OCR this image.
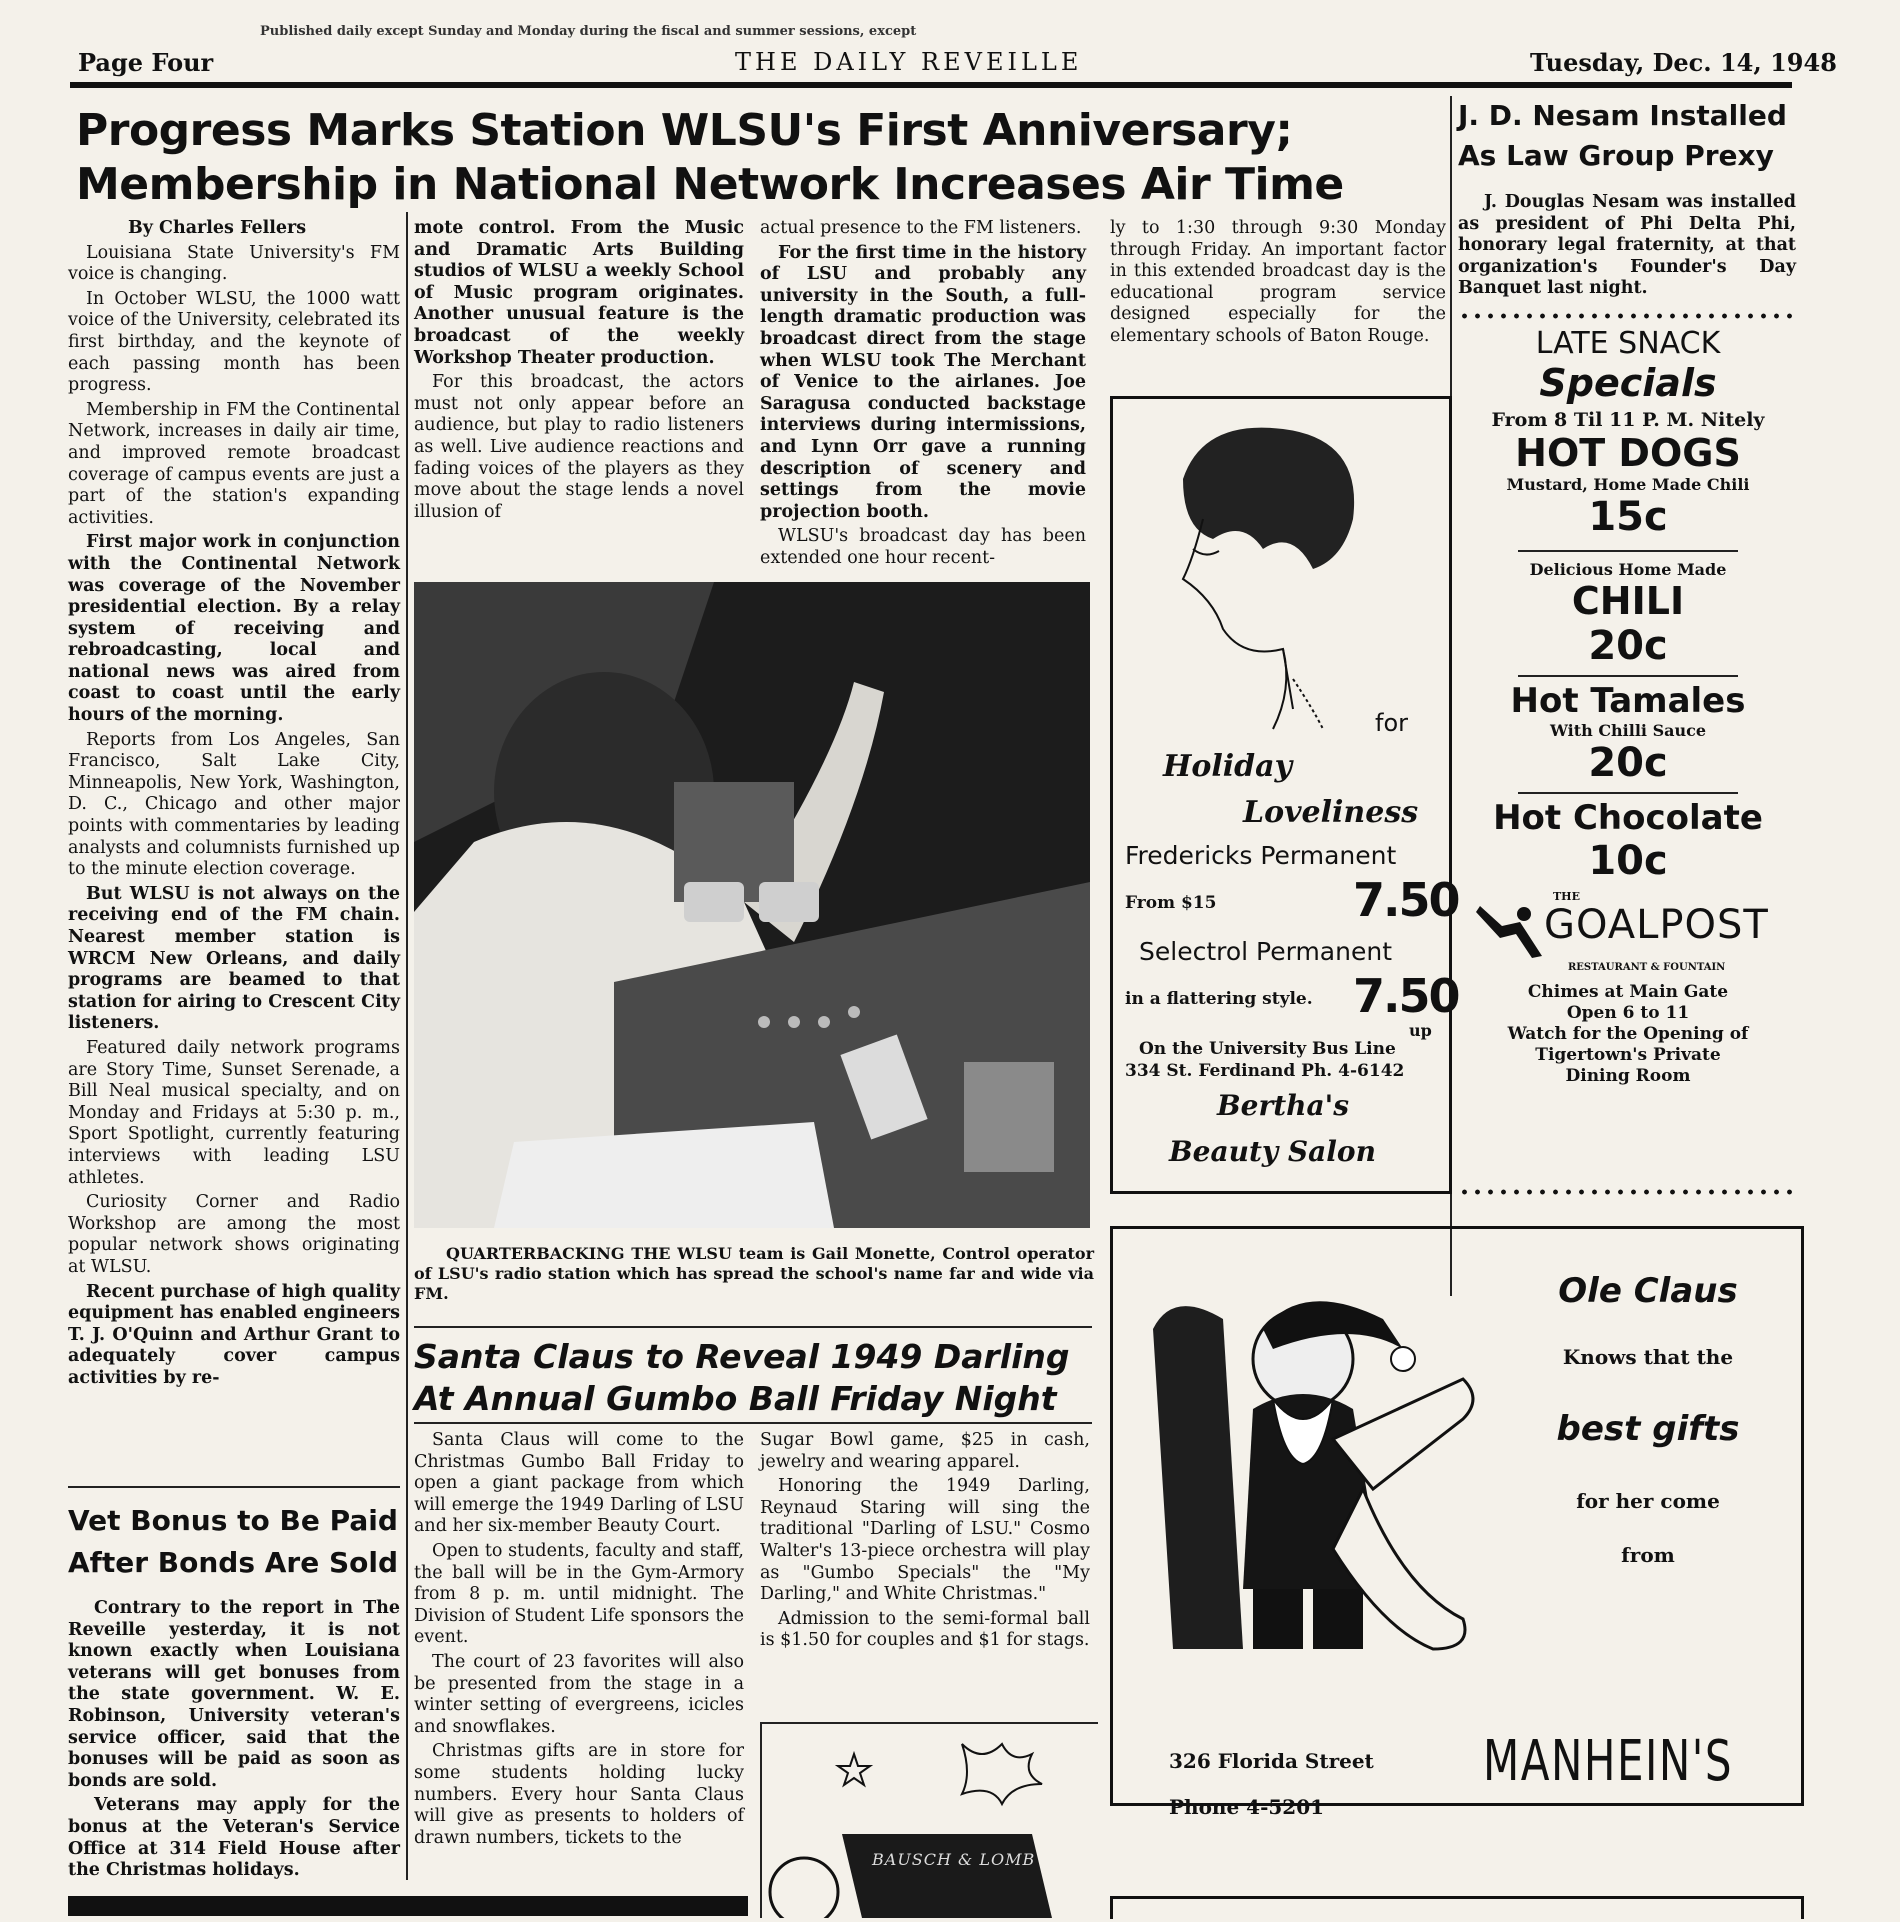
Published daily except Sunday and Monday during the fiscal and summer sessions, except
Page Four	THE DAILY REVEILLE	Tuesday, Dec. 14, 1948
Progress Marks Station WLSU's First Anniversary;
Membership in National Network Increases Air Time

By Charles Fellers

Louisiana State University's FM voice is changing.

In October WLSU, the 1000 watt voice of the University, celebrated its first birthday, and the keynote of each passing month has been progress.

Membership in FM the Continental Network, increases in daily air time, and improved remote broadcast coverage of campus events are just a part of the station's expanding activities.

First major work in conjunction with the Continental Network was coverage of the November presidential election. By a relay system of receiving and rebroadcasting, local and national news was aired from coast to coast until the early hours of the morning.

Reports from Los Angeles, San Francisco, Salt Lake City, Minneapolis, New York, Washington, D. C., Chicago and other major points with commentaries by leading analysts and columnists furnished up to the minute election coverage.

But WLSU is not always on the receiving end of the FM chain. Nearest member station is WRCM New Orleans, and daily programs are beamed to that station for airing to Crescent City listeners.

Featured daily network programs are Story Time, Sunset Serenade, a Bill Neal musical specialty, and on Monday and Fridays at 5:30 p. m., Sport Spotlight, currently featuring interviews with leading LSU athletes.

Curiosity Corner and Radio Workshop are among the most popular network shows originating at WLSU.

Recent purchase of high quality equipment has enabled engineers T. J. O'Quinn and Arthur Grant to adequately cover campus activities by re-

mote control. From the Music and Dramatic Arts Building studios of WLSU a weekly School of Music program originates. Another unusual feature is the broadcast of the weekly Workshop Theater production.

For this broadcast, the actors must not only appear before an audience, but play to radio listeners as well. Live audience reactions and fading voices of the players as they move about the stage lends a novel illusion of

actual presence to the FM listeners.

For the first time in the history of LSU and probably any university in the South, a full-length dramatic production was broadcast direct from the stage when WLSU took The Merchant of Venice to the airlanes. Joe Saragusa conducted backstage interviews during intermissions, and Lynn Orr gave a running description of scenery and settings from the movie projection booth.

WLSU's broadcast day has been extended one hour recent-

ly to 1:30 through 9:30 Monday through Friday. An important factor in this extended broadcast day is the educational program service designed especially for the elementary schools of Baton Rouge.

QUARTERBACKING THE WLSU team is Gail Monette, Control operator of LSU's radio station which has spread the school's name far and wide via FM.
Vet Bonus to Be Paid
After Bonds Are Sold

Contrary to the report in The Reveille yesterday, it is not known exactly when Louisiana veterans will get bonuses from the state government. W. E. Robinson, University veteran's service officer, said that the bonuses will be paid as soon as bonds are sold.

Veterans may apply for the bonus at the Veteran's Service Office at 314 Field House after the Christmas holidays.

Santa Claus to Reveal 1949 Darling
At Annual Gumbo Ball Friday Night

Santa Claus will come to the Christmas Gumbo Ball Friday to open a giant package from which will emerge the 1949 Darling of LSU and her six-member Beauty Court.

Open to students, faculty and staff, the ball will be in the Gym-Armory from 8 p. m. until midnight. The Division of Student Life sponsors the event.

The court of 23 favorites will also be presented from the stage in a winter setting of evergreens, icicles and snowflakes.

Christmas gifts are in store for some students holding lucky numbers. Every hour Santa Claus will give as presents to holders of drawn numbers, tickets to the

Sugar Bowl game, $25 in cash, jewelry and wearing apparel.

Honoring the 1949 Darling, Reynaud Staring will sing the traditional "Darling of LSU." Cosmo Walter's 13-piece orchestra will play as "Gumbo Specials" the "My Darling," and White Christmas."

Admission to the semi-formal ball is $1.50 for couples and $1 for stags.

BAUSCH & LOMB
J. D. Nesam Installed
As Law Group Prexy

J. Douglas Nesam was installed as president of Phi Delta Phi, honorary legal fraternity, at that organization's Founder's Day Banquet last night.

LATE SNACK
Specials
From 8 Til 11 P. M. Nitely
HOT DOGS
Mustard, Home Made Chili
15c
Delicious Home Made
CHILI
20c
Hot Tamales
With Chilli Sauce
20c
Hot Chocolate
10c
THE
GOALPOST
RESTAURANT & FOUNTAIN
Chimes at Main Gate
Open 6 to 11
Watch for the Opening of
Tigertown's Private
Dining Room
for
Holiday
Loveliness
Fredericks Permanent
From $15	7.50
Selectrol Permanent
in a flattering style. 7.50
up
On the University Bus Line
334 St. Ferdinand Ph. 4-6142
Bertha's
Beauty Salon
Ole Claus
Knows that the
best gifts
for her come
from
326 Florida Street
Phone 4-5201
MANHEIN'S
